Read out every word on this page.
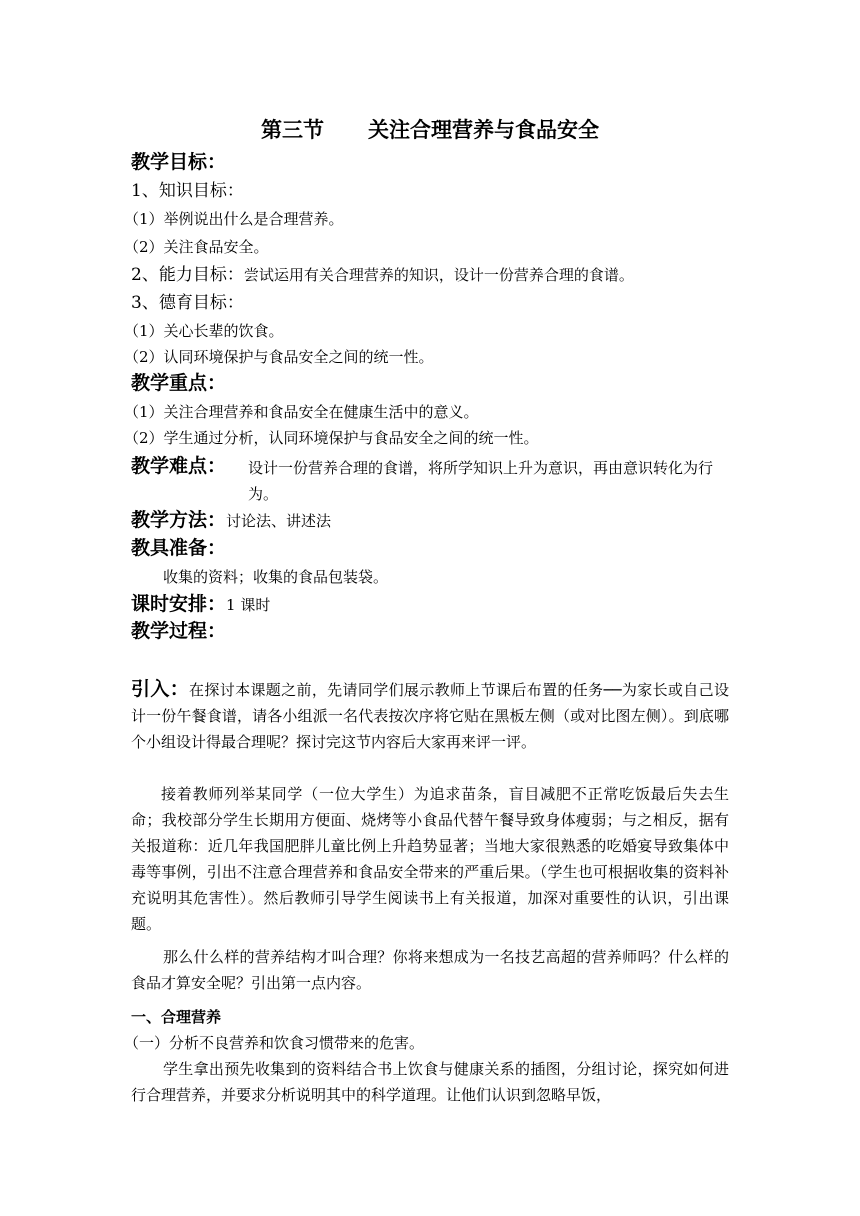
第三节 关注合理营养与食品安全
教学目标：
1、知识目标：
（1）举例说出什么是合理营养。
（2）关注食品安全。
2、能力目标：尝试运用有关合理营养的知识，设计一份营养合理的食谱。
3、德育目标：
（1）关心长辈的饮食。
（2）认同环境保护与食品安全之间的统一性。
教学重点：
（1）关注合理营养和食品安全在健康生活中的意义。
（2）学生通过分析，认同环境保护与食品安全之间的统一性。
教学难点： 设计一份营养合理的食谱，将所学知识上升为意识，再由意识转化为行为。
教学方法：讨论法、讲述法
教具准备：
收集的资料；收集的食品包装袋。
课时安排：1 课时
教学过程：
引入：在探讨本课题之前，先请同学们展示教师上节课后布置的任务──为家长或自己设计一份午餐食谱，请各小组派一名代表按次序将它贴在黑板左侧（或对比图左侧）。到底哪个小组设计得最合理呢？探讨完这节内容后大家再来评一评。
接着教师列举某同学（一位大学生）为追求苗条，盲目减肥不正常吃饭最后失去生命；我校部分学生长期用方便面、烧烤等小食品代替午餐导致身体瘦弱；与之相反，据有关报道称：近几年我国肥胖儿童比例上升趋势显著；当地大家很熟悉的吃婚宴导致集体中毒等事例，引出不注意合理营养和食品安全带来的严重后果。（学生也可根据收集的资料补充说明其危害性）。然后教师引导学生阅读书上有关报道，加深对重要性的认识，引出课题。
那么什么样的营养结构才叫合理？你将来想成为一名技艺高超的营养师吗？什么样的食品才算安全呢？引出第一点内容。
一、合理营养
（一）分析不良营养和饮食习惯带来的危害。
学生拿出预先收集到的资料结合书上饮食与健康关系的插图，分组讨论，探究如何进行合理营养，并要求分析说明其中的科学道理。让他们认识到忽略早饭，
